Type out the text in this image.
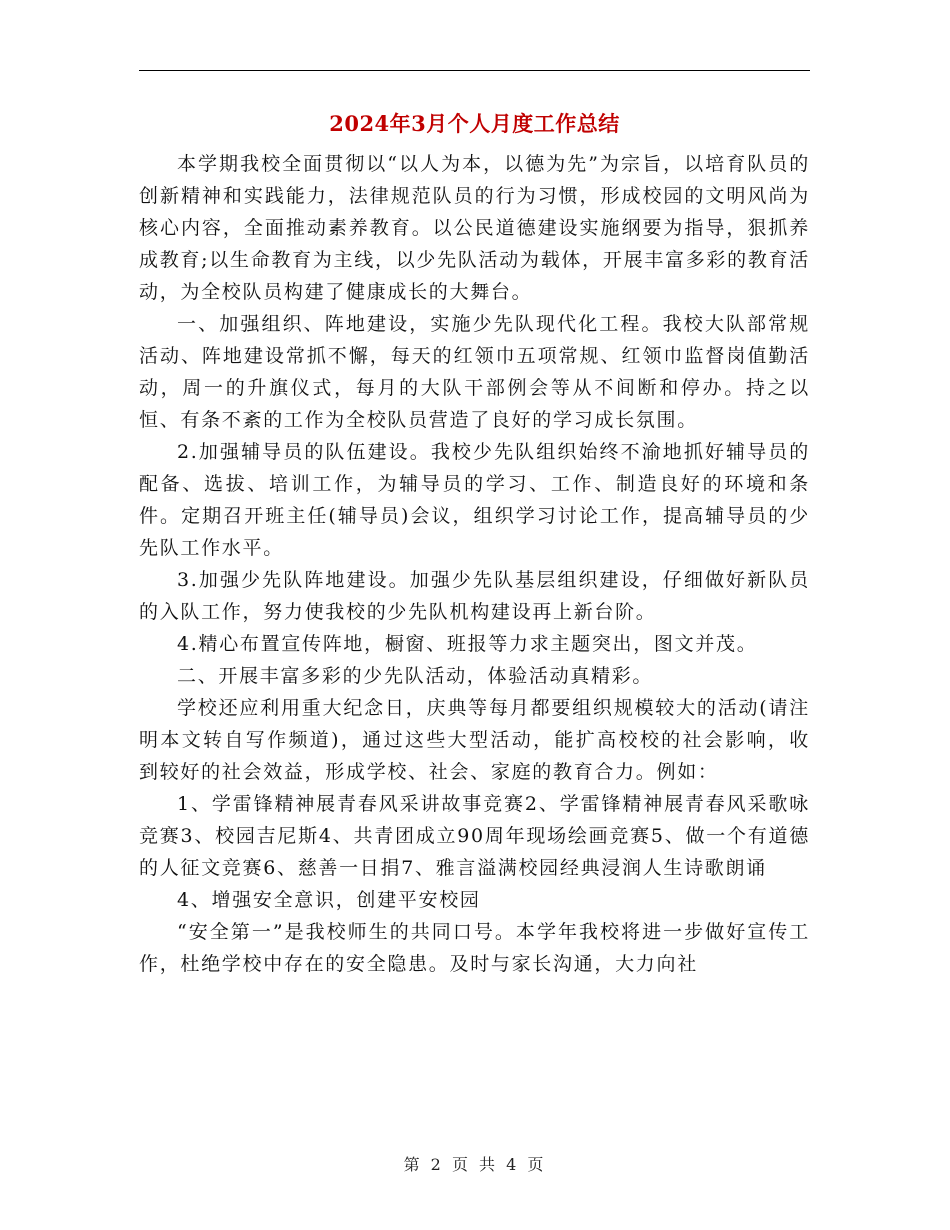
2024年3月个人月度工作总结

本学期我校全面贯彻以“以人为本，以德为先”为宗旨，以培育队员的创新精神和实践能力，法律规范队员的行为习惯，形成校园的文明风尚为核心内容，全面推动素养教育。以公民道德建设实施纲要为指导，狠抓养成教育;以生命教育为主线，以少先队活动为载体，开展丰富多彩的教育活动，为全校队员构建了健康成长的大舞台。

一、加强组织、阵地建设，实施少先队现代化工程。我校大队部常规活动、阵地建设常抓不懈，每天的红领巾五项常规、红领巾监督岗值勤活动，周一的升旗仪式，每月的大队干部例会等从不间断和停办。持之以恒、有条不紊的工作为全校队员营造了良好的学习成长氛围。

2.加强辅导员的队伍建设。我校少先队组织始终不渝地抓好辅导员的配备、选拔、培训工作，为辅导员的学习、工作、制造良好的环境和条件。定期召开班主任(辅导员)会议，组织学习讨论工作，提高辅导员的少先队工作水平。

3.加强少先队阵地建设。加强少先队基层组织建设，仔细做好新队员的入队工作，努力使我校的少先队机构建设再上新台阶。

4.精心布置宣传阵地，橱窗、班报等力求主题突出，图文并茂。

二、开展丰富多彩的少先队活动，体验活动真精彩。

学校还应利用重大纪念日，庆典等每月都要组织规模较大的活动(请注明本文转自写作频道)，通过这些大型活动，能扩高校校的社会影响，收到较好的社会效益，形成学校、社会、家庭的教育合力。例如：

1、学雷锋精神展青春风采讲故事竞赛2、学雷锋精神展青春风采歌咏竞赛3、校园吉尼斯4、共青团成立90周年现场绘画竞赛5、做一个有道德的人征文竞赛6、慈善一日捐7、雅言溢满校园经典浸润人生诗歌朗诵

4、增强安全意识，创建平安校园

“安全第一”是我校师生的共同口号。本学年我校将进一步做好宣传工作，杜绝学校中存在的安全隐患。及时与家长沟通，大力向社

第 2 页 共 4 页
